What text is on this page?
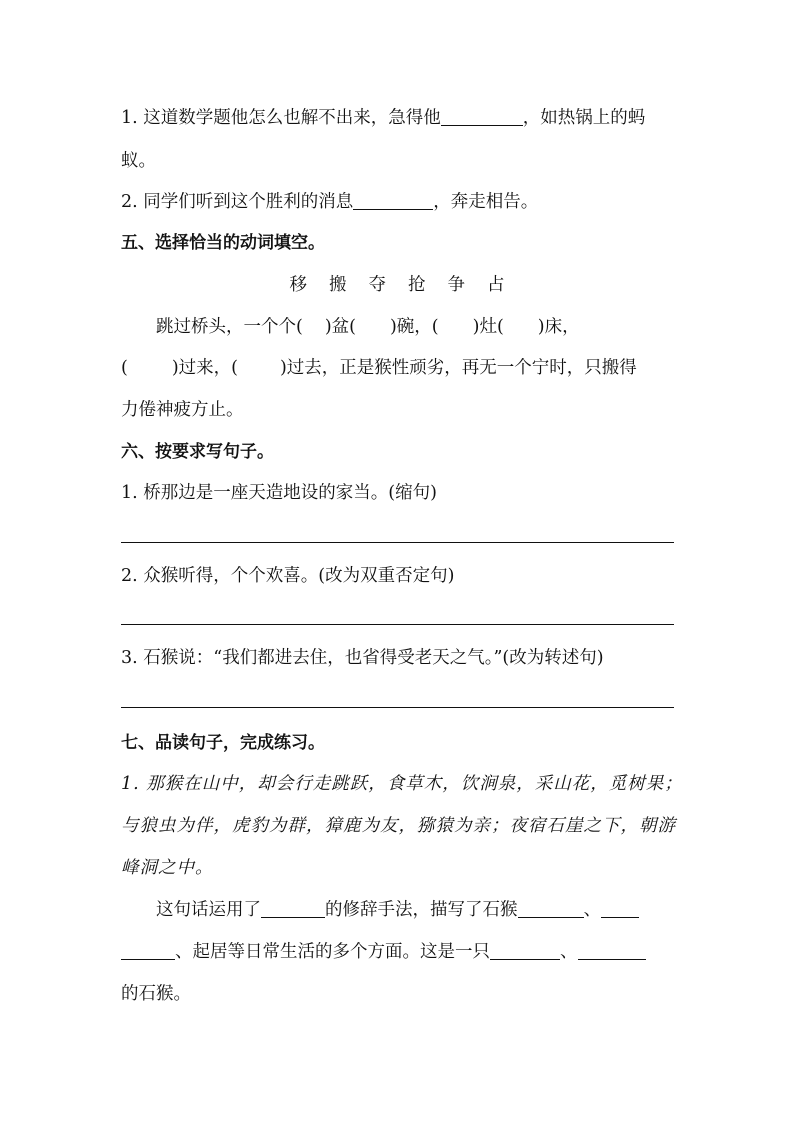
1. 这道数学题他怎么也解不出来，急得他	，如热锅上的蚂
蚁。
2. 同学们听到这个胜利的消息	，奔走相告。
五、选择恰当的动词填空。
移 搬 夺 抢 争 占
跳过桥头，一个个( )盆( )碗，( )灶( )床，
(	)过来，( )过去，正是猴性顽劣，再无一个宁时，只搬得
力倦神疲方止。
六、按要求写句子。
1. 桥那边是一座天造地设的家当。(缩句)
2. 众猴听得，个个欢喜。(改为双重否定句)
3. 石猴说：“我们都进去住，也省得受老天之气。”(改为转述句)
七、品读句子，完成练习。
1. 那猴在山中，却会行走跳跃，食草木，饮涧泉，采山花，觅树果；
与狼虫为伴，虎豹为群，獐鹿为友，猕猿为亲；夜宿石崖之下，朝游
峰洞之中。
这句话运用了	的修辞手法，描写了石猴	、
、起居等日常生活的多个方面。这是一只	、
的石猴。
